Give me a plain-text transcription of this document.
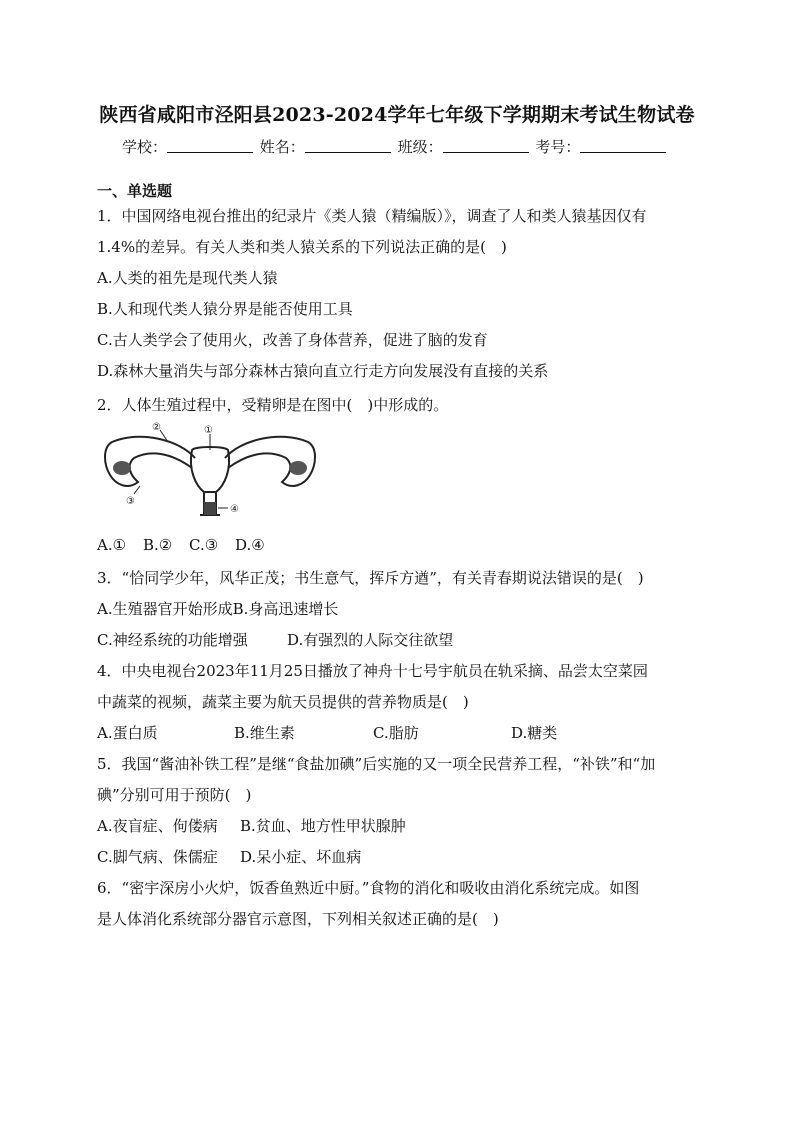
陕西省咸阳市泾阳县2023-2024学年七年级下学期期末考试生物试卷
学校：	姓名：	班级：	考号：
一、单选题
1．中国网络电视台推出的纪录片《类人猿（精编版）》，调查了人和类人猿基因仅有
1.4%的差异。有关人类和类人猿关系的下列说法正确的是(　)
A.人类的祖先是现代类人猿
B.人和现代类人猿分界是能否使用工具
C.古人类学会了使用火，改善了身体营养，促进了脑的发育
D.森林大量消失与部分森林古猿向直立行走方向发展没有直接的关系
2．人体生殖过程中，受精卵是在图中(　)中形成的。
①
②
③
④
A.① B.② C.③ D.④
3．“恰同学少年，风华正茂；书生意气，挥斥方遒”，有关青春期说法错误的是(　)
A.生殖器官开始形成B.身高迅速增长
C.神经系统的功能增强	D.有强烈的人际交往欲望
4．中央电视台2023年11月25日播放了神舟十七号宇航员在轨采摘、品尝太空菜园
中蔬菜的视频，蔬菜主要为航天员提供的营养物质是(　)
A.蛋白质	B.维生素	C.脂肪	D.糖类
5．我国“酱油补铁工程”是继“食盐加碘”后实施的又一项全民营养工程，“补铁”和“加
碘”分别可用于预防(　)
A.夜盲症、佝偻病 B.贫血、地方性甲状腺肿
C.脚气病、侏儒症 D.呆小症、坏血病
6．“密宇深房小火炉，饭香鱼熟近中厨。”食物的消化和吸收由消化系统完成。如图
是人体消化系统部分器官示意图，下列相关叙述正确的是(　)
